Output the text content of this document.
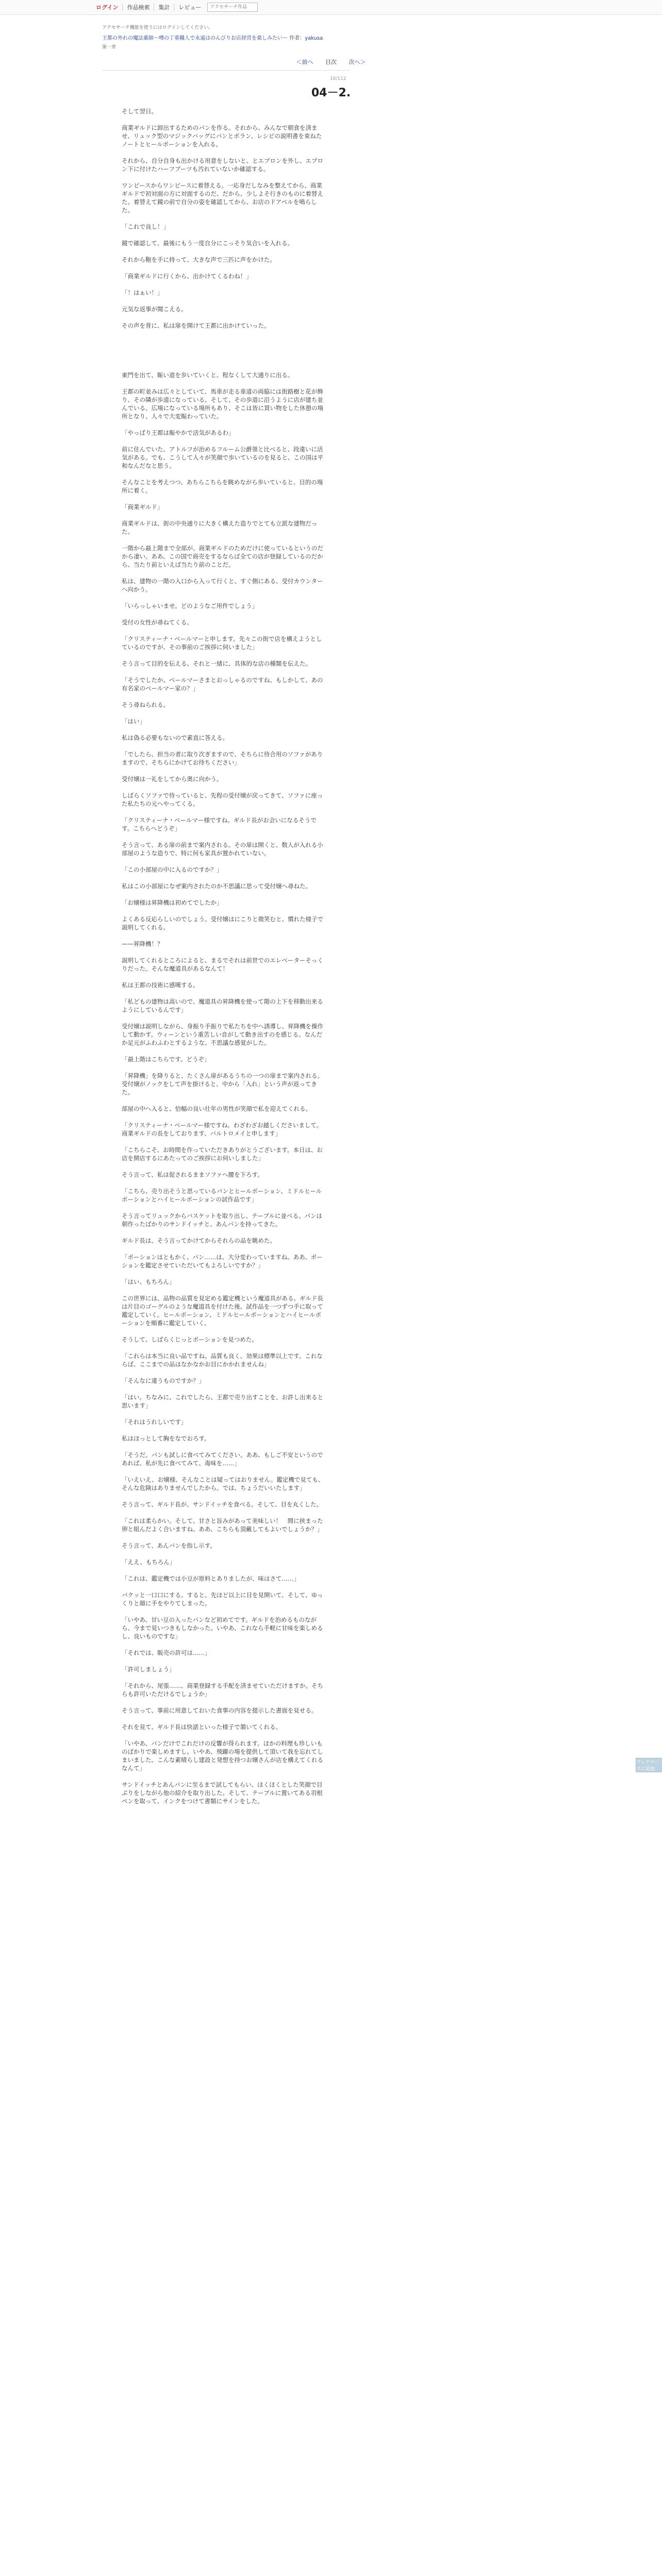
ログイン	作品検索	集計	レビュー
アクセサーチ作品
アクセサーチ機能を使うにはログインしてください。
王都の外れの魔法薬師〜噂の丁重職人で永遠はのんびりお店経営を楽しみたい〜 作者：yakusa
第一章
＜前へ 目次 次へ＞
16/112
04－2.

そして翌日。

商業ギルドに卸出するためのパンを作る。それから、みんなで朝食を済ませ、リュック型のマジックバッグにパンとポラン、レシピの説明書を束ねたノートとヒールポーションを入れる。

それから、自分自身も出かける用意をしないと、とエプロンを外し、エプロン下に付けたハーフブーツも汚れていないか確認する。

ワンピースからワンピースに着替える。一応身だしなみを整えてから、商業ギルドで初対面の方に対面するのだ、だから、少しよそ行きのものに着替えた。着替えて鏡の前で自分の姿を確認してから、お店のドアベルを鳴らした。

「これで良し！」

鏡で確認して、最後にもう一度自分にこっそり気合いを入れる。

それから鞄を手に持って、大きな声で三匹に声をかけた。

「商業ギルドに行くから、出かけてくるわね！」

「！はぁい！」

元気な返事が聞こえる。

その声を背に、私は扉を開けて王都に出かけていった。

東門を出て、賑い道を歩いていくと、程なくして大通りに出る。

王都の町並みは広々としていて、馬車が走る車道の両脇には街路樹と花が飾り、その隣が歩道になっている。そして、その歩道に沿うように店が建ち並んでいる。広場になっている場所もあり、そこは皆に買い物をした休憩の場所となり、人々で大変賑わっていた。

「やっぱり王都は賑やかで活気があるわ」

前に住んでいた、アトルフが治めるフルーム公爵領と比べると、段違いに活気がある。でも、こうして人々が笑顔で歩いているのを見ると、この国は平和なんだなと思う。

そんなことを考えつつ、あちらこちらを眺めながら歩いていると、目的の場所に着く。

「商業ギルド」

商業ギルドは、街の中央通りに大きく構えた造りでとても立派な建物だった。

一階から最上階まで全部が、商業ギルドのためだけに使っているというのだから凄い。ああ、この国で商売をするならば全ての店が登録しているのだから、当たり前といえば当たり前のことだ。

私は、建物の一階の入口から入って行くと、すぐ側にある、受付カウンターへ向かう。

「いらっしゃいませ。どのようなご用件でしょう」

受付の女性が尋ねてくる。

「クリスティーナ・ベールマーと申します。先々この街で店を構えようとしているのですが、その事前のご挨拶に伺いました」

そう言って目的を伝える。それと一緒に、具体的な店の種類を伝えた。

「そうでしたか。ベールマーさまとおっしゃるのですね。もしかして、あの有名家のベールマー家の？」

そう尋ねられる。

「はい」

私は偽る必要もないので素直に答える。

「でしたら、担当の者に取り次ぎますので、そちらに待合用のソファがありますので、そちらにかけてお待ちください」

受付嬢は一礼をしてから奥に向かう。

しばらくソファで待っていると、先程の受付嬢が戻ってきて、ソファに座った私たちの元へやってくる。

「クリスティーナ・ベールマー様ですね。ギルド長がお会いになるそうです。こちらへどうぞ」

そう言って、ある扉の前まで案内される。その扉は開くと、数人が入れる小部屋のような造りで、特に何も家具が置かれていない。

「この小部屋の中に入るのですか？」

私はこの小部屋になぜ案内されたのか不思議に思って受付嬢へ尋ねた。

「お嬢様は昇降機は初めてでしたか」

よくある反応らしいのでしょう。受付嬢はにこりと微笑むと、慣れた様子で説明してくれる。

——昇降機！？

説明してくれるところによると、まるでそれは前世でのエレベーターそっくりだった。そんな魔道具があるなんて！

私は王都の技術に感嘆する。

「私どもの建物は高いので、魔道具の昇降機を使って階の上下を移動出来るようにしているんです」

受付嬢は説明しながら、身振り手振りで私たちを中へ誘導し、昇降機を操作して動かす。ウィーンという重苦しい音がして動き出すのを感じる。なんだか足元がふわふわとするような、不思議な感覚がした。

「最上階はこちらです。どうぞ」

「昇降機」を降りると、たくさん扉があるうちの一つの扉まで案内される。受付嬢がノックをして声を掛けると、中から「入れ」という声が返ってきた。

部屋の中へ入ると、恰幅の良い壮年の男性が笑顔で私を迎えてくれる。

「クリスティーナ・ベールマー様ですね。わざわざお越しくださいまして。商業ギルドの長をしております、バルトロメイと申します」

「こちらこそ、お時間を作っていただきありがとうございます。本日は、お店を開店するにあたってのご挨拶にお伺いしました」

そう言って、私は促されるままソファへ腰を下ろす。

「こちら、売り出そうと思っているパンとヒールポーション、ミドルヒールポーションとハイヒールポーションの試作品です」

そう言ってリュックからバスケットを取り出し、テーブルに並べる。パンは朝作ったばかりのサンドイッチと、あんパンを持ってきた。

ギルド長は、そう言ってかけてからそれらの品を眺めた。

「ポーションはともかく、パン……は、大分変わっていますね。ああ、ポーションを鑑定させていただいてもよろしいですか？」

「はい、もちろん」

この世界には、品物の品質を見定める鑑定機という魔道具がある。ギルド長は片目のゴーグルのような魔道具を付けた後、試作品を一つずつ手に取って鑑定していく。ヒールポーション、ミドルヒールポーションとハイヒールポーションを順番に鑑定していく。

そうして、しばらくじっとポーションを見つめた。

「これらは本当に良い品ですね。品質も良く、効果は標準以上です。これならば、ここまでの品はなかなかお目にかかれませんね」

「そんなに違うものですか？」

「はい。ちなみに、これでしたら、王都で売り出すことを、お許し出来ると思います」

「それはうれしいです」

私はほっとして胸をなでおろす。

「そうだ。パンも試しに食べてみてください。ああ、もしご不安というのであれば、私が先に食べてみて、毒味を……」

「いえいえ、お嬢様、そんなことは疑ってはおりません。鑑定機で見ても、そんな危険はありませんでしたから。では、ちょうだいいたします」

そう言って、ギルド長が、サンドイッチを食べる。そして、目を丸くした。

「これは柔らかい。そして、甘さと旨みがあって美味しい！　間に挟まった卵と組んだよく合いますね。ああ、こちらも頂戴してもよいでしょうか？」

そう言って、あんパンを指し示す。

「ええ、もちろん」

「これは、鑑定機では小豆が原料とありましたが、味はさて……」

パクッと一口口にする。すると、先ほど以上に目を見開いて、そして、ゆっくりと顔に手をやりてしまった。

「いやあ、甘い豆の入ったパンなど初めてです。ギルドを治めるものながら、今まで見いつきもしなかった。いやあ、これなら手軽に甘味を楽しめるし、良いものですな」

「それでは、販売の許可は……」

「許可しましょう」

「それから、尾張……、商業登録する手配を済ませていただけますか。そちらも許可いただけるでしょうか」

そう言って、事前に用意しておいた食事の内容を提示した書面を見せる。

それを見て、ギルド長は快諾といった様子で頷いてくれる。

「いやあ、パンだけでこれだけの反響が得られます。ほかの料理も珍しいものばかりで楽しめますし。いやあ、飛躍の場を提供して頂いて我を忘れてしまいました。こんな素晴らし建設と発想を持つお嬢さんが店を構えてくれるなんて」

サンドイッチとあんパンに至るまで試してもらい、ほくほくとした笑顔で目ぷりをしながら他の紹介を取り出した。そして、テーブルに置いてある羽根ペンを取って、インクをつけて書類にサインをした。

ブックマークに追加
